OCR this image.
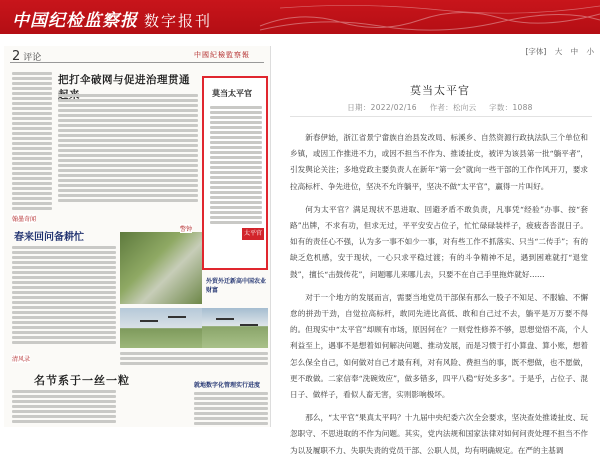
中国纪检监察报 数字报刊
2 评论	中國紀檢監察報
把打伞破网与促进治理贯通
莫当太平官
太平官
翰墨奇闻
春来回问备耕忙
警钟
外贸外迁新高中国农业财富
清风录
名节系于一丝一粒	就地数字化管理实行进度
[字体] 大 中 小
莫当太平官
日期：2022/02/16 作者：松向云 字数：1088

新春伊始，浙江省景宁畲族自治县发改局、标溪乡、自然资源行政执法队三个单位和乡镇，或因工作推进不力，或因不担当不作为、推诿扯皮，被评为该县第一批“躺平者”，引发舆论关注；多地党政主要负责人在新年“第一会”就向一些干部的工作作风开刀，要求拉高标杆、争先进位，坚决不允许躺平，坚决不做“太平官”，赢得一片叫好。

何为太平官？满足现状不思进取、回避矛盾不敢负责，凡事凭“经验”办事、按“套路”出牌，不求有功，但求无过，平平安安占位子，忙忙碌碌装样子，疲疲沓沓混日子。如有的责任心不强，认为多一事不如少一事，对有些工作不抓落实、只当“二传手”；有的缺乏危机感，安于现状，一心只求平稳过渡；有的斗争精神不足，遇到困难就打“退堂鼓”，擅长“击鼓传花”，问题哪儿来哪儿去，只要不在自己手里拖炸就好……

对于一个地方的发展而言，需要当地党员干部保有那么一股子不知足、不服输、不懈怠的拼劲干劲，自觉拉高标杆，敢同先进比高低、敢和自己过不去，躺平是万万要不得的。但现实中“太平官”却顾有市场，原因何在？一则党性修养不够，思想觉悟不高，个人利益至上，遇事不是想着如何解决问题、推动发展，而是习惯于打小算盘、算小账，想着怎么保全自己，如何做对自己才最有利，对有风险、费担当的事，既不想做，也不愿做，更不敢做。二家信奉“洗碗效应”，做多错多，四平八稳“好处多多”。于是乎，占位子、混日子、做样子，看似人畜无害，实则影响极坏。

那么，“太平官”果真太平吗？十九届中央纪委六次全会要求，坚决查处推诿扯皮、玩忽职守、不思进取的不作为问题。其实，党内法规和国家法律对如何问责处理不担当不作为以及履职不力、失职失责的党员干部、公职人员，均有明确规定。在严的主基调
